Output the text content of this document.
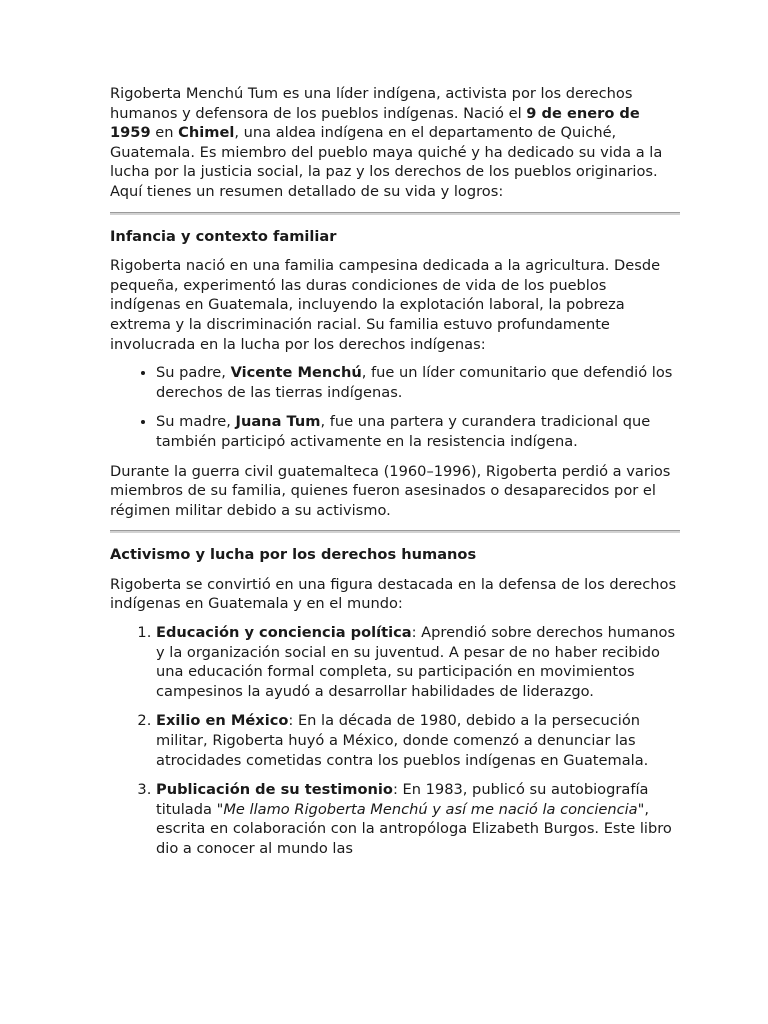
Rigoberta Menchú Tum es una líder indígena, activista por los derechos humanos y defensora de los pueblos indígenas. Nació el 9 de enero de 1959 en Chimel, una aldea indígena en el departamento de Quiché, Guatemala. Es miembro del pueblo maya quiché y ha dedicado su vida a la lucha por la justicia social, la paz y los derechos de los pueblos originarios. Aquí tienes un resumen detallado de su vida y logros:

Infancia y contexto familiar

Rigoberta nació en una familia campesina dedicada a la agricultura. Desde pequeña, experimentó las duras condiciones de vida de los pueblos indígenas en Guatemala, incluyendo la explotación laboral, la pobreza extrema y la discriminación racial. Su familia estuvo profundamente involucrada en la lucha por los derechos indígenas:

• Su padre, Vicente Menchú, fue un líder comunitario que defendió los derechos de las tierras indígenas.
• Su madre, Juana Tum, fue una partera y curandera tradicional que también participó activamente en la resistencia indígena.

Durante la guerra civil guatemalteca (1960–1996), Rigoberta perdió a varios miembros de su familia, quienes fueron asesinados o desaparecidos por el régimen militar debido a su activismo.

Activismo y lucha por los derechos humanos

Rigoberta se convirtió en una figura destacada en la defensa de los derechos indígenas en Guatemala y en el mundo:

1. Educación y conciencia política: Aprendió sobre derechos humanos y la organización social en su juventud. A pesar de no haber recibido una educación formal completa, su participación en movimientos campesinos la ayudó a desarrollar habilidades de liderazgo.
2. Exilio en México: En la década de 1980, debido a la persecución militar, Rigoberta huyó a México, donde comenzó a denunciar las atrocidades cometidas contra los pueblos indígenas en Guatemala.
3. Publicación de su testimonio: En 1983, publicó su autobiografía titulada "Me llamo Rigoberta Menchú y así me nació la conciencia", escrita en colaboración con la antropóloga Elizabeth Burgos. Este libro dio a conocer al mundo las
